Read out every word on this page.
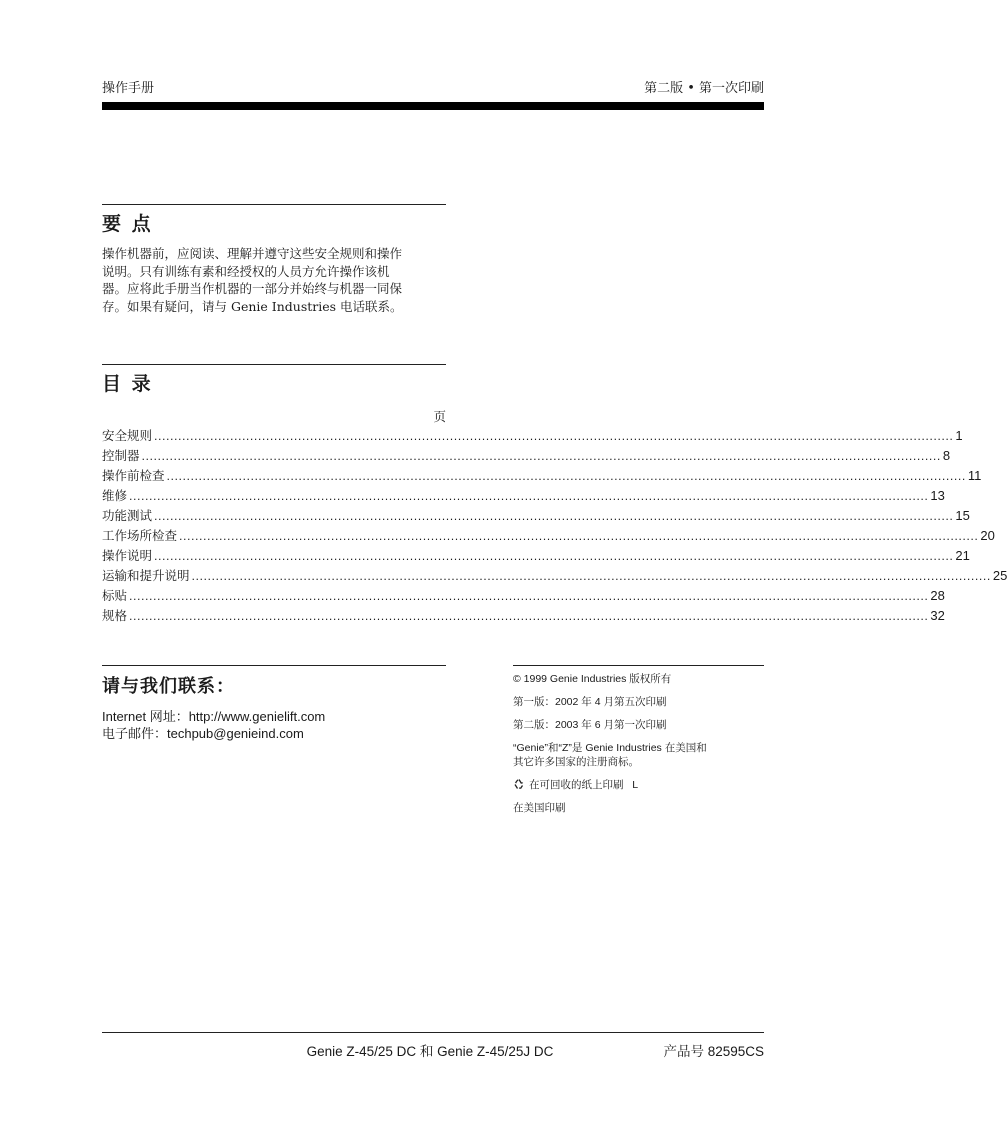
操作手册	第二版 • 第一次印刷
要 点
操作机器前，应阅读、理解并遵守这些安全规则和操作
说明。只有训练有素和经授权的人员方允许操作该机
器。应将此手册当作机器的一部分并始终与机器一同保
存。如果有疑问，请与 Genie Industries 电话联系。
目 录
页
安全规则 ........................................................................................................................................................................................................ 1
控制器 ........................................................................................................................................................................................................ 8
操作前检查 ........................................................................................................................................................................................................ 11
维修 ........................................................................................................................................................................................................ 13
功能测试 ........................................................................................................................................................................................................ 15
工作场所检查 ........................................................................................................................................................................................................ 20
操作说明 ........................................................................................................................................................................................................ 21
运输和提升说明 ........................................................................................................................................................................................................ 25
标贴 ........................................................................................................................................................................................................ 28
规格 ........................................................................................................................................................................................................ 32
请与我们联系：
Internet 网址：http://www.genielift.com
电子邮件：techpub@genieind.com
© 1999 Genie Industries 版权所有
第一版：2002 年 4 月第五次印刷
第二版：2003 年 6 月第一次印刷
“Genie”和“Z”是 Genie Industries 在美国和
其它许多国家的注册商标。
在可回收的纸上印刷 L
在美国印刷
Genie Z-45/25 DC 和 Genie Z-45/25J DC	产品号 82595CS
